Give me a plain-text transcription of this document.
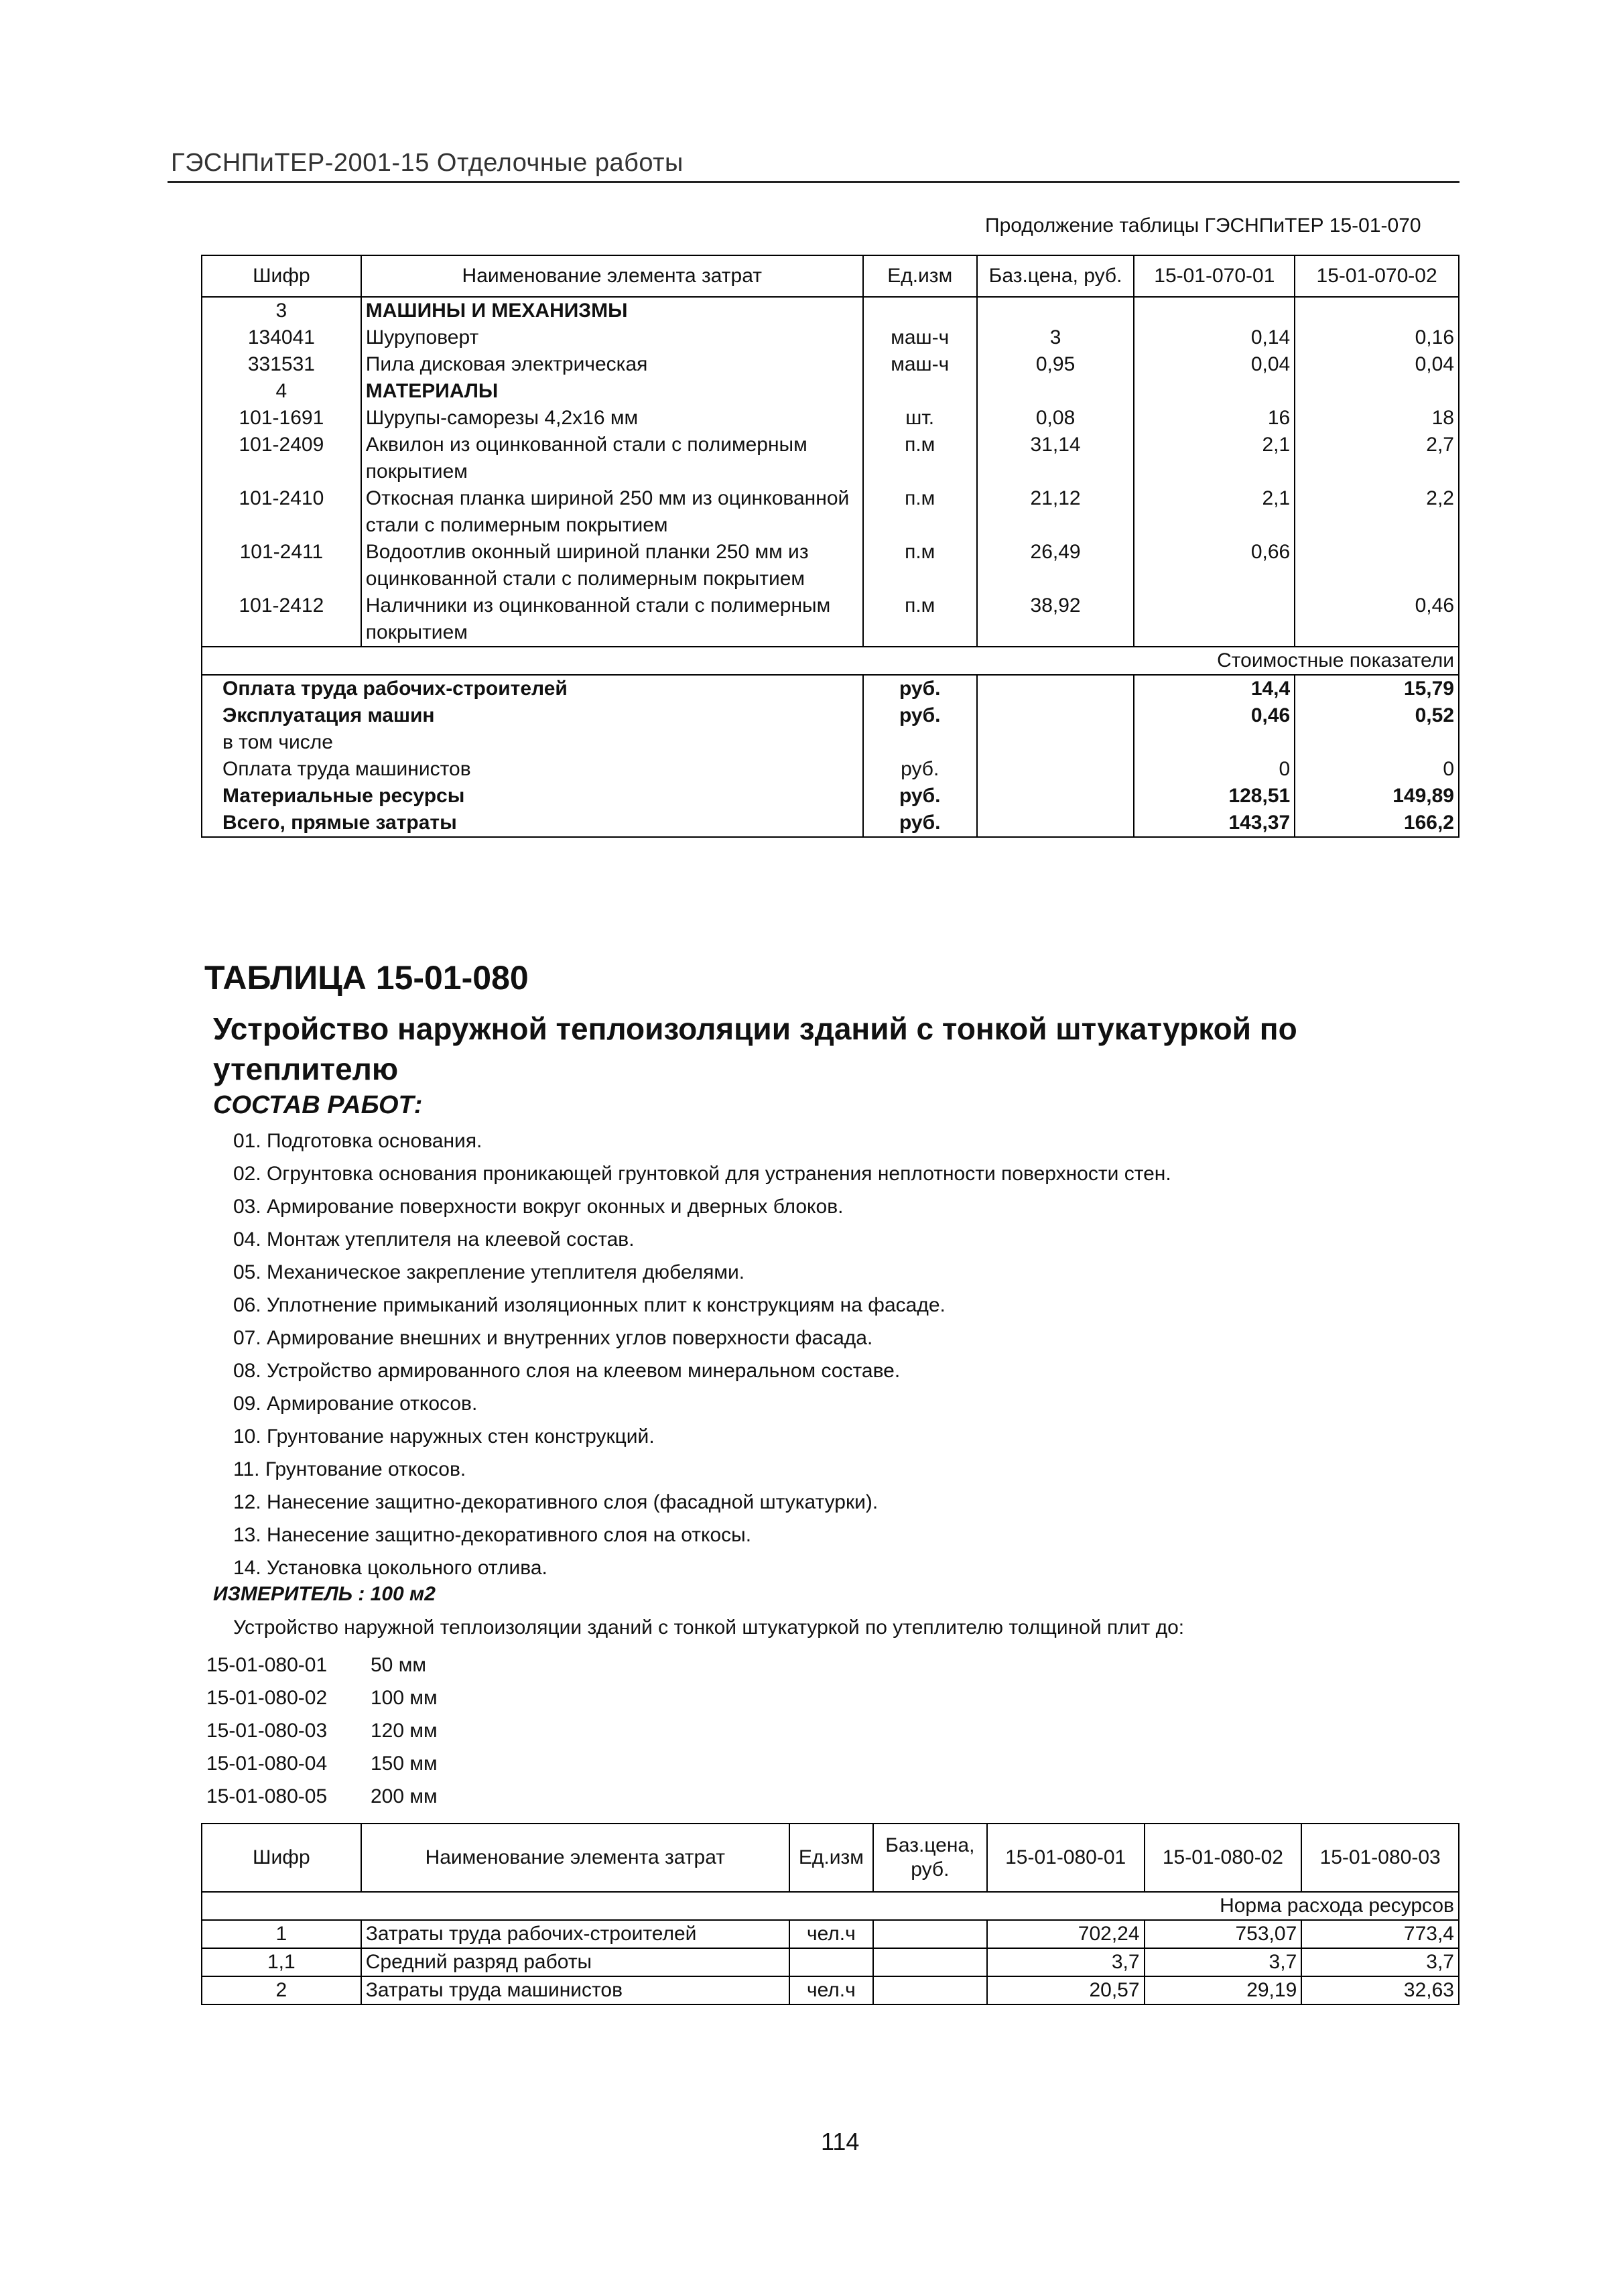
ГЭСНПиТЕР-2001-15 Отделочные работы
Продолжение таблицы ГЭСНПиТЕР 15-01-070
Шифр	Наименование элемента затрат	Ед.изм	Баз.цена, руб.	15-01-070-01	15-01-070-02
3	МАШИНЫ И МЕХАНИЗМЫ				
134041	Шуруповерт	маш-ч	3	0,14	0,16
331531	Пила дисковая электрическая	маш-ч	0,95	0,04	0,04
4	МАТЕРИАЛЫ				
101-1691	Шурупы-саморезы 4,2х16 мм	шт.	0,08	16	18
101-2409	Аквилон из оцинкованной стали с полимерным покрытием	п.м	31,14	2,1	2,7
101-2410	Откосная планка шириной 250 мм из оцинкованной стали с полимерным покрытием	п.м	21,12	2,1	2,2
101-2411	Водоотлив оконный шириной планки 250 мм из оцинкованной стали с полимерным покрытием	п.м	26,49	0,66	
101-2412	Наличники из оцинкованной стали с полимерным покрытием	п.м	38,92		0,46
Стоимостные показатели					
Оплата труда рабочих-строителей		руб.		14,4	15,79
Эксплуатация машин		руб.		0,46	0,52
в том числе					
Оплата труда машинистов		руб.		0	0
Материальные ресурсы		руб.		128,51	149,89
Всего, прямые затраты		руб.		143,37	166,2
ТАБЛИЦА 15-01-080
Устройство наружной теплоизоляции зданий с тонкой штукатуркой по утеплителю
СОСТАВ РАБОТ:
01. Подготовка основания.
02. Огрунтовка основания проникающей грунтовкой для устранения неплотности поверхности стен.
03. Армирование поверхности вокруг оконных и дверных блоков.
04. Монтаж утеплителя на клеевой состав.
05. Механическое закрепление утеплителя дюбелями.
06. Уплотнение примыканий изоляционных плит к конструкциям на фасаде.
07. Армирование внешних и внутренних углов поверхности фасада.
08. Устройство армированного слоя на клеевом минеральном составе.
09. Армирование откосов.
10. Грунтование наружных стен конструкций.
11. Грунтование откосов.
12. Нанесение защитно-декоративного слоя (фасадной штукатурки).
13. Нанесение защитно-декоративного слоя на откосы.
14. Установка цокольного отлива.
ИЗМЕРИТЕЛЬ : 100 м2
Устройство наружной теплоизоляции зданий с тонкой штукатуркой по утеплителю толщиной плит до:
15-01-080-01 50 мм
15-01-080-02 100 мм
15-01-080-03 120 мм
15-01-080-04 150 мм
15-01-080-05 200 мм
Шифр	Наименование элемента затрат	Ед.изм	Баз.цена, руб.	15-01-080-01	15-01-080-02	15-01-080-03
Норма расхода ресурсов						
1	Затраты труда рабочих-строителей	чел.ч		702,24	753,07	773,4
1,1	Средний разряд работы			3,7	3,7	3,7
2	Затраты труда машинистов	чел.ч		20,57	29,19	32,63
114
